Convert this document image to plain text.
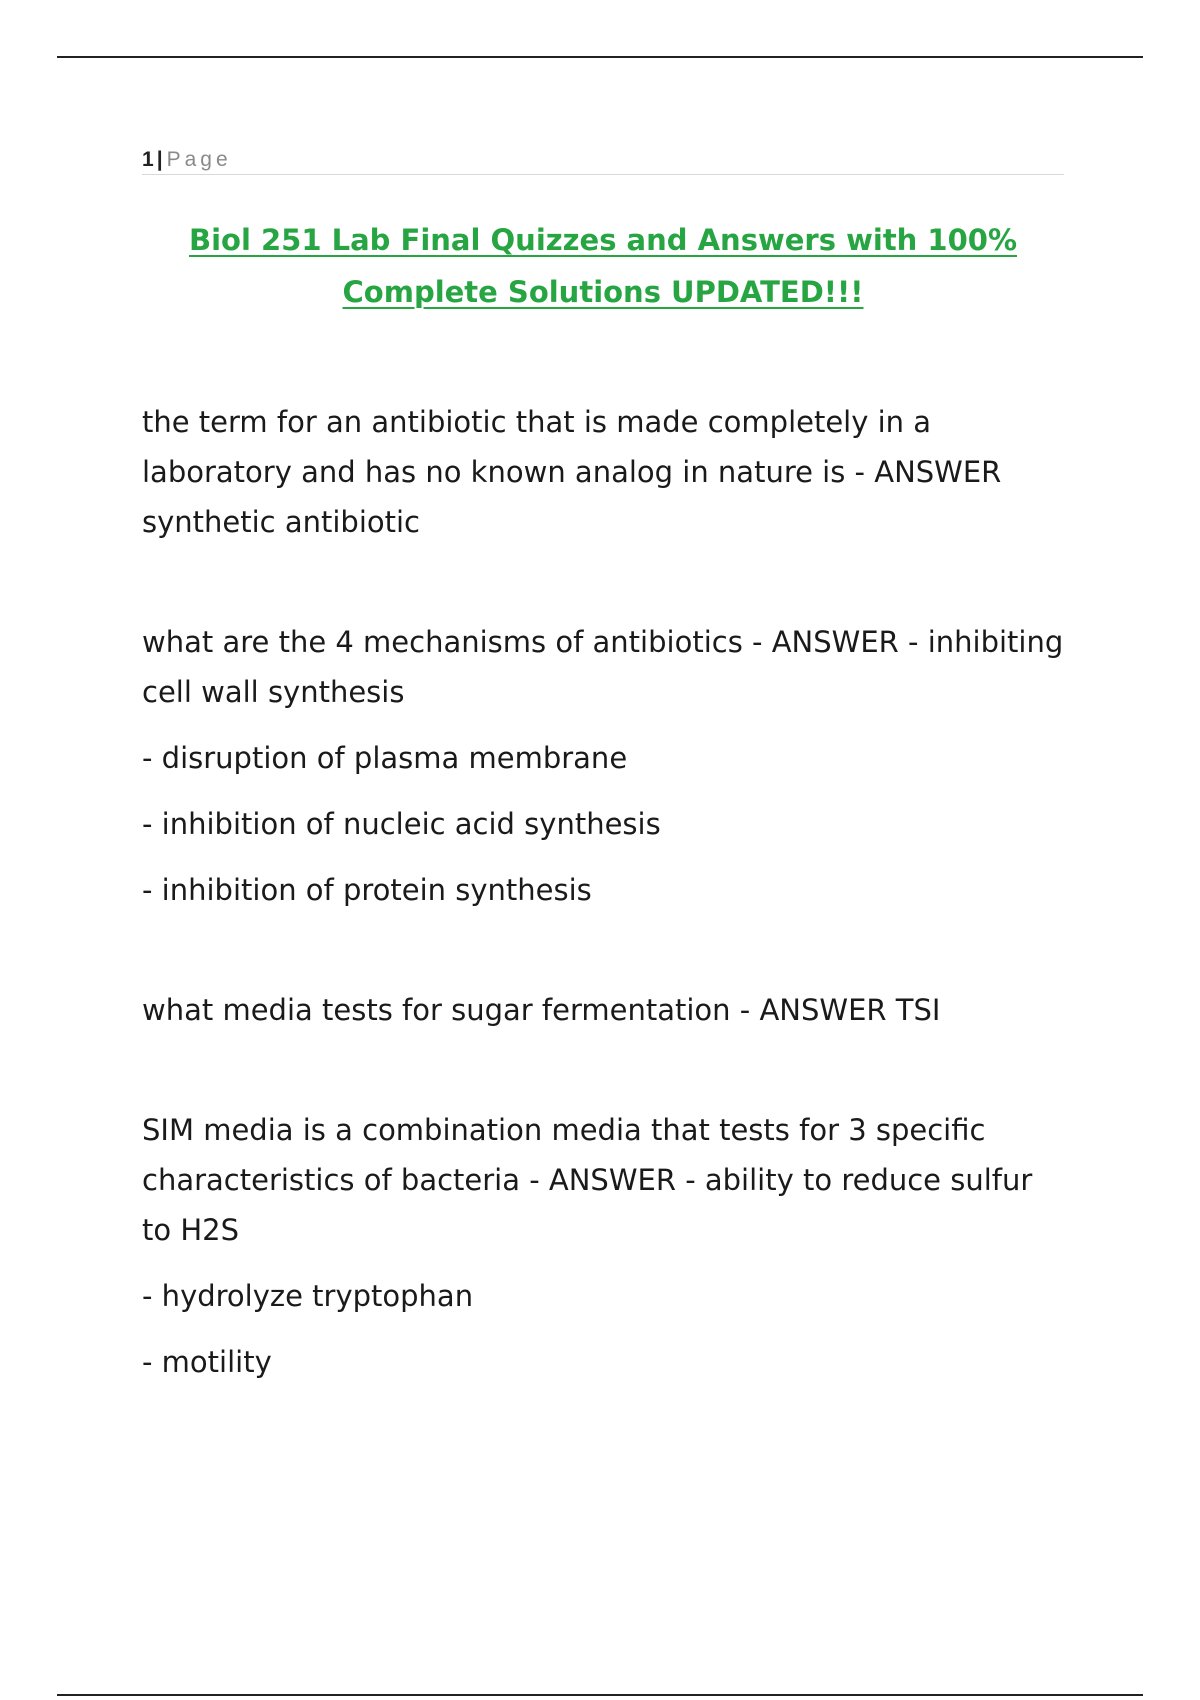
1 | Page
Biol 251 Lab Final Quizzes and Answers with 100%
Complete Solutions UPDATED!!!

the term for an antibiotic that is made completely in a laboratory and has no known analog in nature is - ANSWER synthetic antibiotic

what are the 4 mechanisms of antibiotics - ANSWER - inhibiting cell wall synthesis

- disruption of plasma membrane

- inhibition of nucleic acid synthesis

- inhibition of protein synthesis

what media tests for sugar fermentation - ANSWER TSI

SIM media is a combination media that tests for 3 specific characteristics of bacteria - ANSWER - ability to reduce sulfur to H2S

- hydrolyze tryptophan

- motility
